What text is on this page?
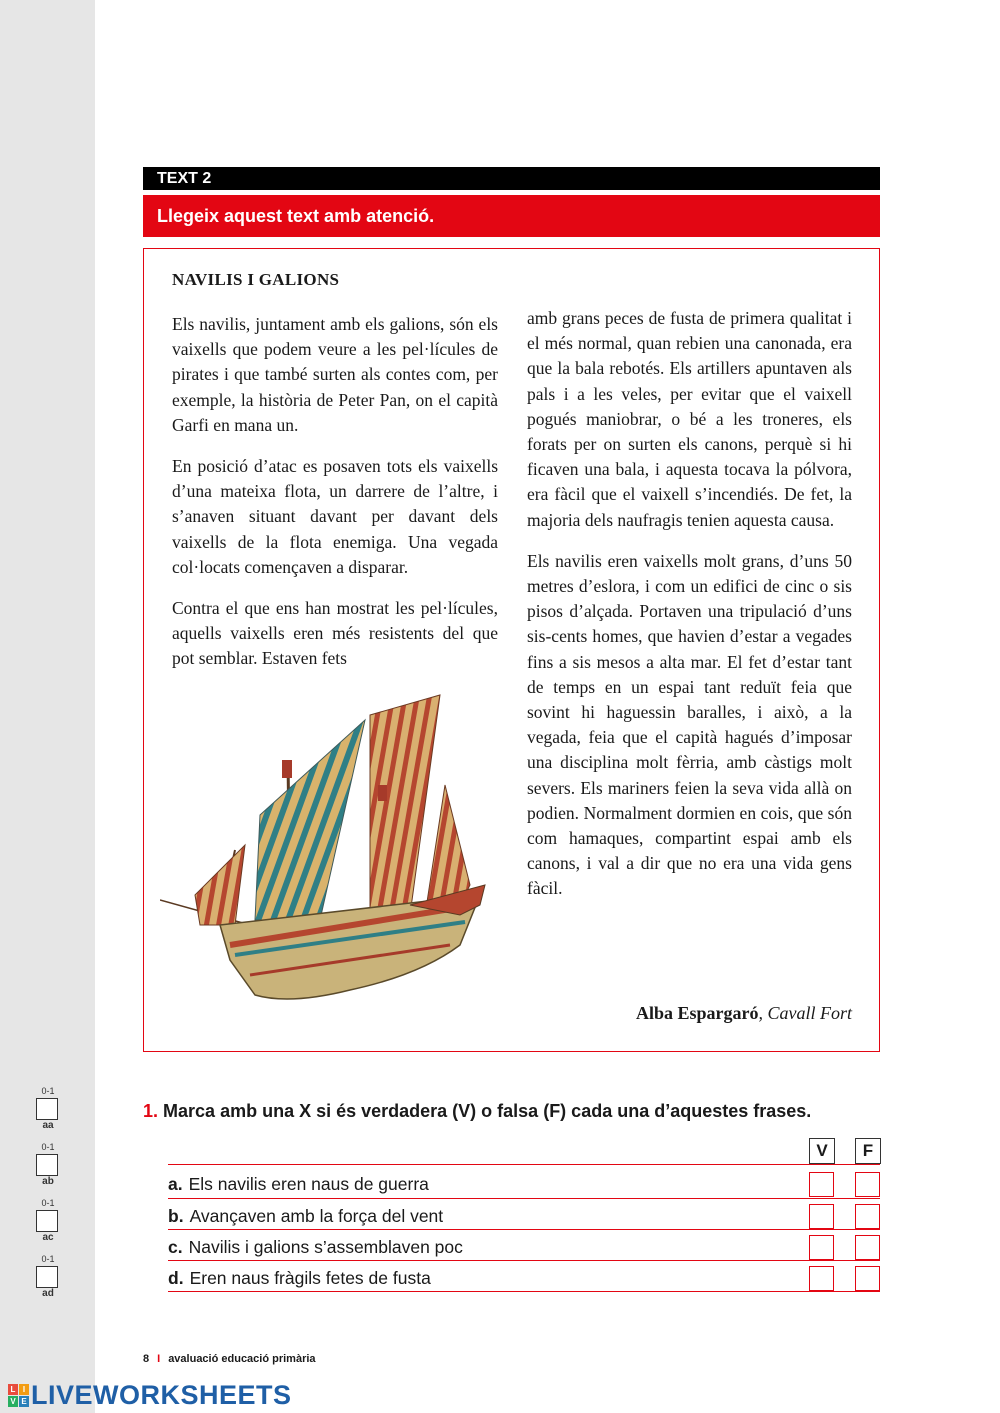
TEXT 2
Llegeix aquest text amb atenció.
NAVILIS I GALIONS

Els navilis, juntament amb els galions, són els vaixells que podem veure a les pel·lícules de pirates i que també surten als contes com, per exemple, la història de Peter Pan, on el capità Garfi en mana un.

En posició d’atac es posaven tots els vaixells d’una mateixa flota, un darrere de l’altre, i s’anaven situant davant per davant dels vaixells de la flota enemiga. Una vegada col·locats començaven a disparar.

Contra el que ens han mostrat les pel·lícules, aquells vaixells eren més resistents del que pot semblar. Estaven fets

amb grans peces de fusta de primera qualitat i el més normal, quan rebien una canonada, era que la bala rebotés. Els artillers apuntaven als pals i a les veles, per evitar que el vaixell pogués maniobrar, o bé a les troneres, els forats per on surten els canons, perquè si hi ficaven una bala, i aquesta tocava la pólvora, era fàcil que el vaixell s’incendiés. De fet, la majoria dels naufragis tenien aquesta causa.

Els navilis eren vaixells molt grans, d’uns 50 metres d’eslora, i com un edifici de cinc o sis pisos d’alçada. Portaven una tripulació d’uns sis-cents homes, que havien d’estar a vegades fins a sis mesos a alta mar. El fet d’estar tant de temps en un espai tant reduït feia que sovint hi haguessin baralles, i això, a la vegada, feia que el capità hagués d’imposar una disciplina molt fèrria, amb càstigs molt severs. Els mariners feien la seva vida allà on podien. Normalment dormien en cois, que són com hamaques, compartint espai amb els canons, i val a dir que no era una vida gens fàcil.

Alba Espargaró, Cavall Fort
0-1
aa
0-1
ab
0-1
ac
0-1
ad
1. Marca amb una X si és verdadera (V) o falsa (F) cada una d’aquestes frases.
V	F
a. Els navilis eren naus de guerra
b. Avançaven amb la força del vent
c. Navilis i galions s’assemblaven poc
d. Eren naus fràgils fetes de fusta
8 I avaluació educació primària
L I
V E LIVEWORKSHEETS
